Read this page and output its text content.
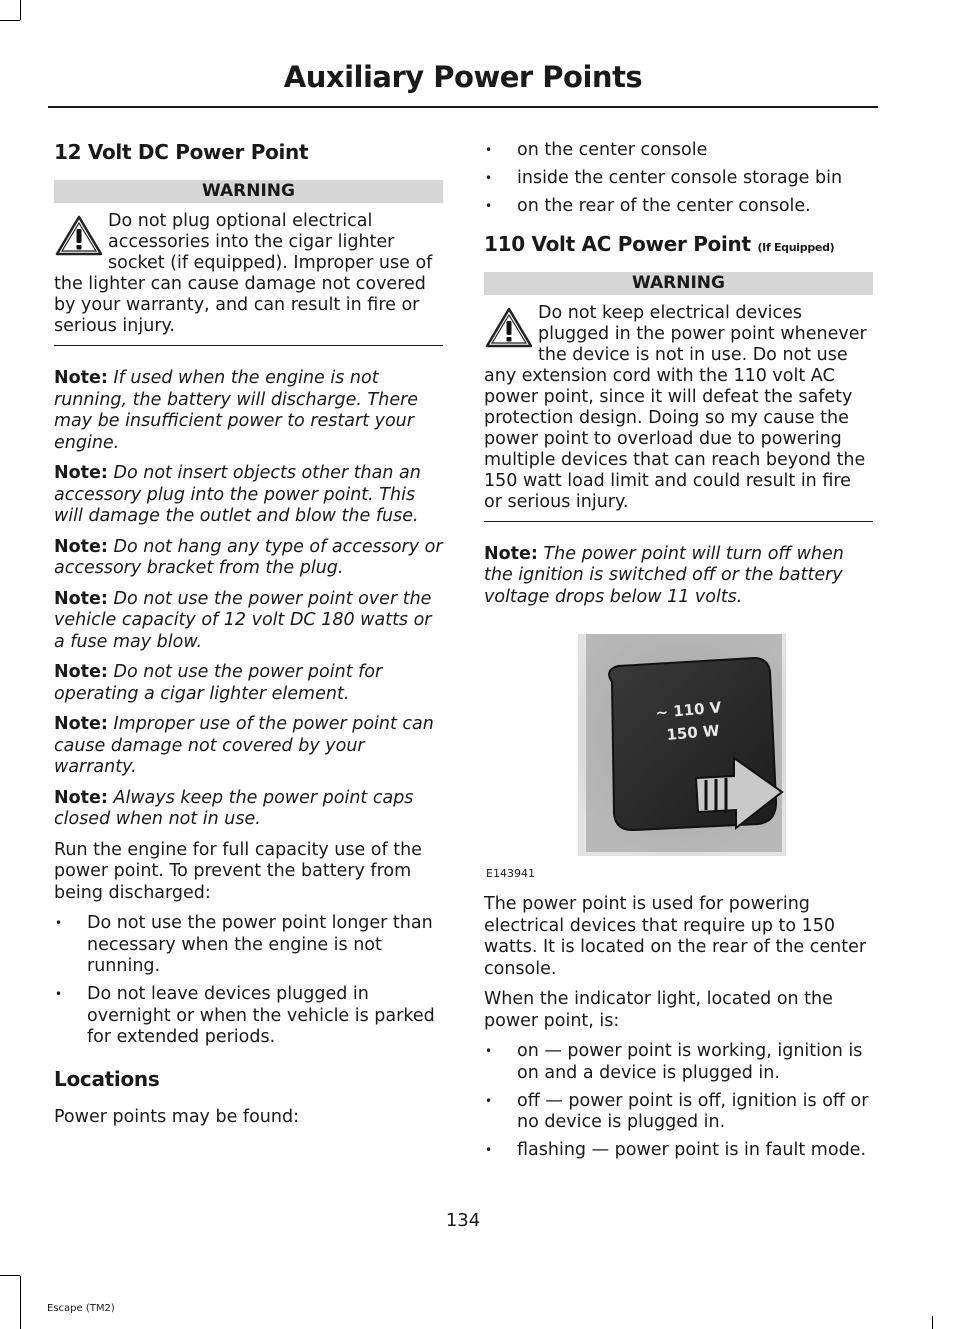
Auxiliary Power Points
12 Volt DC Power Point
WARNING
Do not plug optional electrical accessories into the cigar lighter socket (if equipped). Improper use of the lighter can cause damage not covered by your warranty, and can result in fire or serious injury.

Note: If used when the engine is not running, the battery will discharge. There may be insufficient power to restart your engine.

Note: Do not insert objects other than an accessory plug into the power point. This will damage the outlet and blow the fuse.

Note: Do not hang any type of accessory or accessory bracket from the plug.

Note: Do not use the power point over the vehicle capacity of 12 volt DC 180 watts or a fuse may blow.

Note: Do not use the power point for operating a cigar lighter element.

Note: Improper use of the power point can cause damage not covered by your warranty.

Note: Always keep the power point caps closed when not in use.

Run the engine for full capacity use of the power point. To prevent the battery from being discharged:

• Do not use the power point longer than necessary when the engine is not running.
• Do not leave devices plugged in overnight or when the vehicle is parked for extended periods.
Locations

Power points may be found:

• on the center console
• inside the center console storage bin
• on the rear of the center console.
110 Volt AC Power Point (If Equipped)
WARNING
Do not keep electrical devices plugged in the power point whenever the device is not in use. Do not use any extension cord with the 110 volt AC power point, since it will defeat the safety protection design. Doing so my cause the power point to overload due to powering multiple devices that can reach beyond the 150 watt load limit and could result in fire or serious injury.

Note: The power point will turn off when the ignition is switched off or the battery voltage drops below 11 volts.

~ 110 V
150 W
E143941

The power point is used for powering electrical devices that require up to 150 watts. It is located on the rear of the center console.

When the indicator light, located on the power point, is:

• on — power point is working, ignition is on and a device is plugged in.
• off — power point is off, ignition is off or no device is plugged in.
• flashing — power point is in fault mode.
134
Escape (TM2)
